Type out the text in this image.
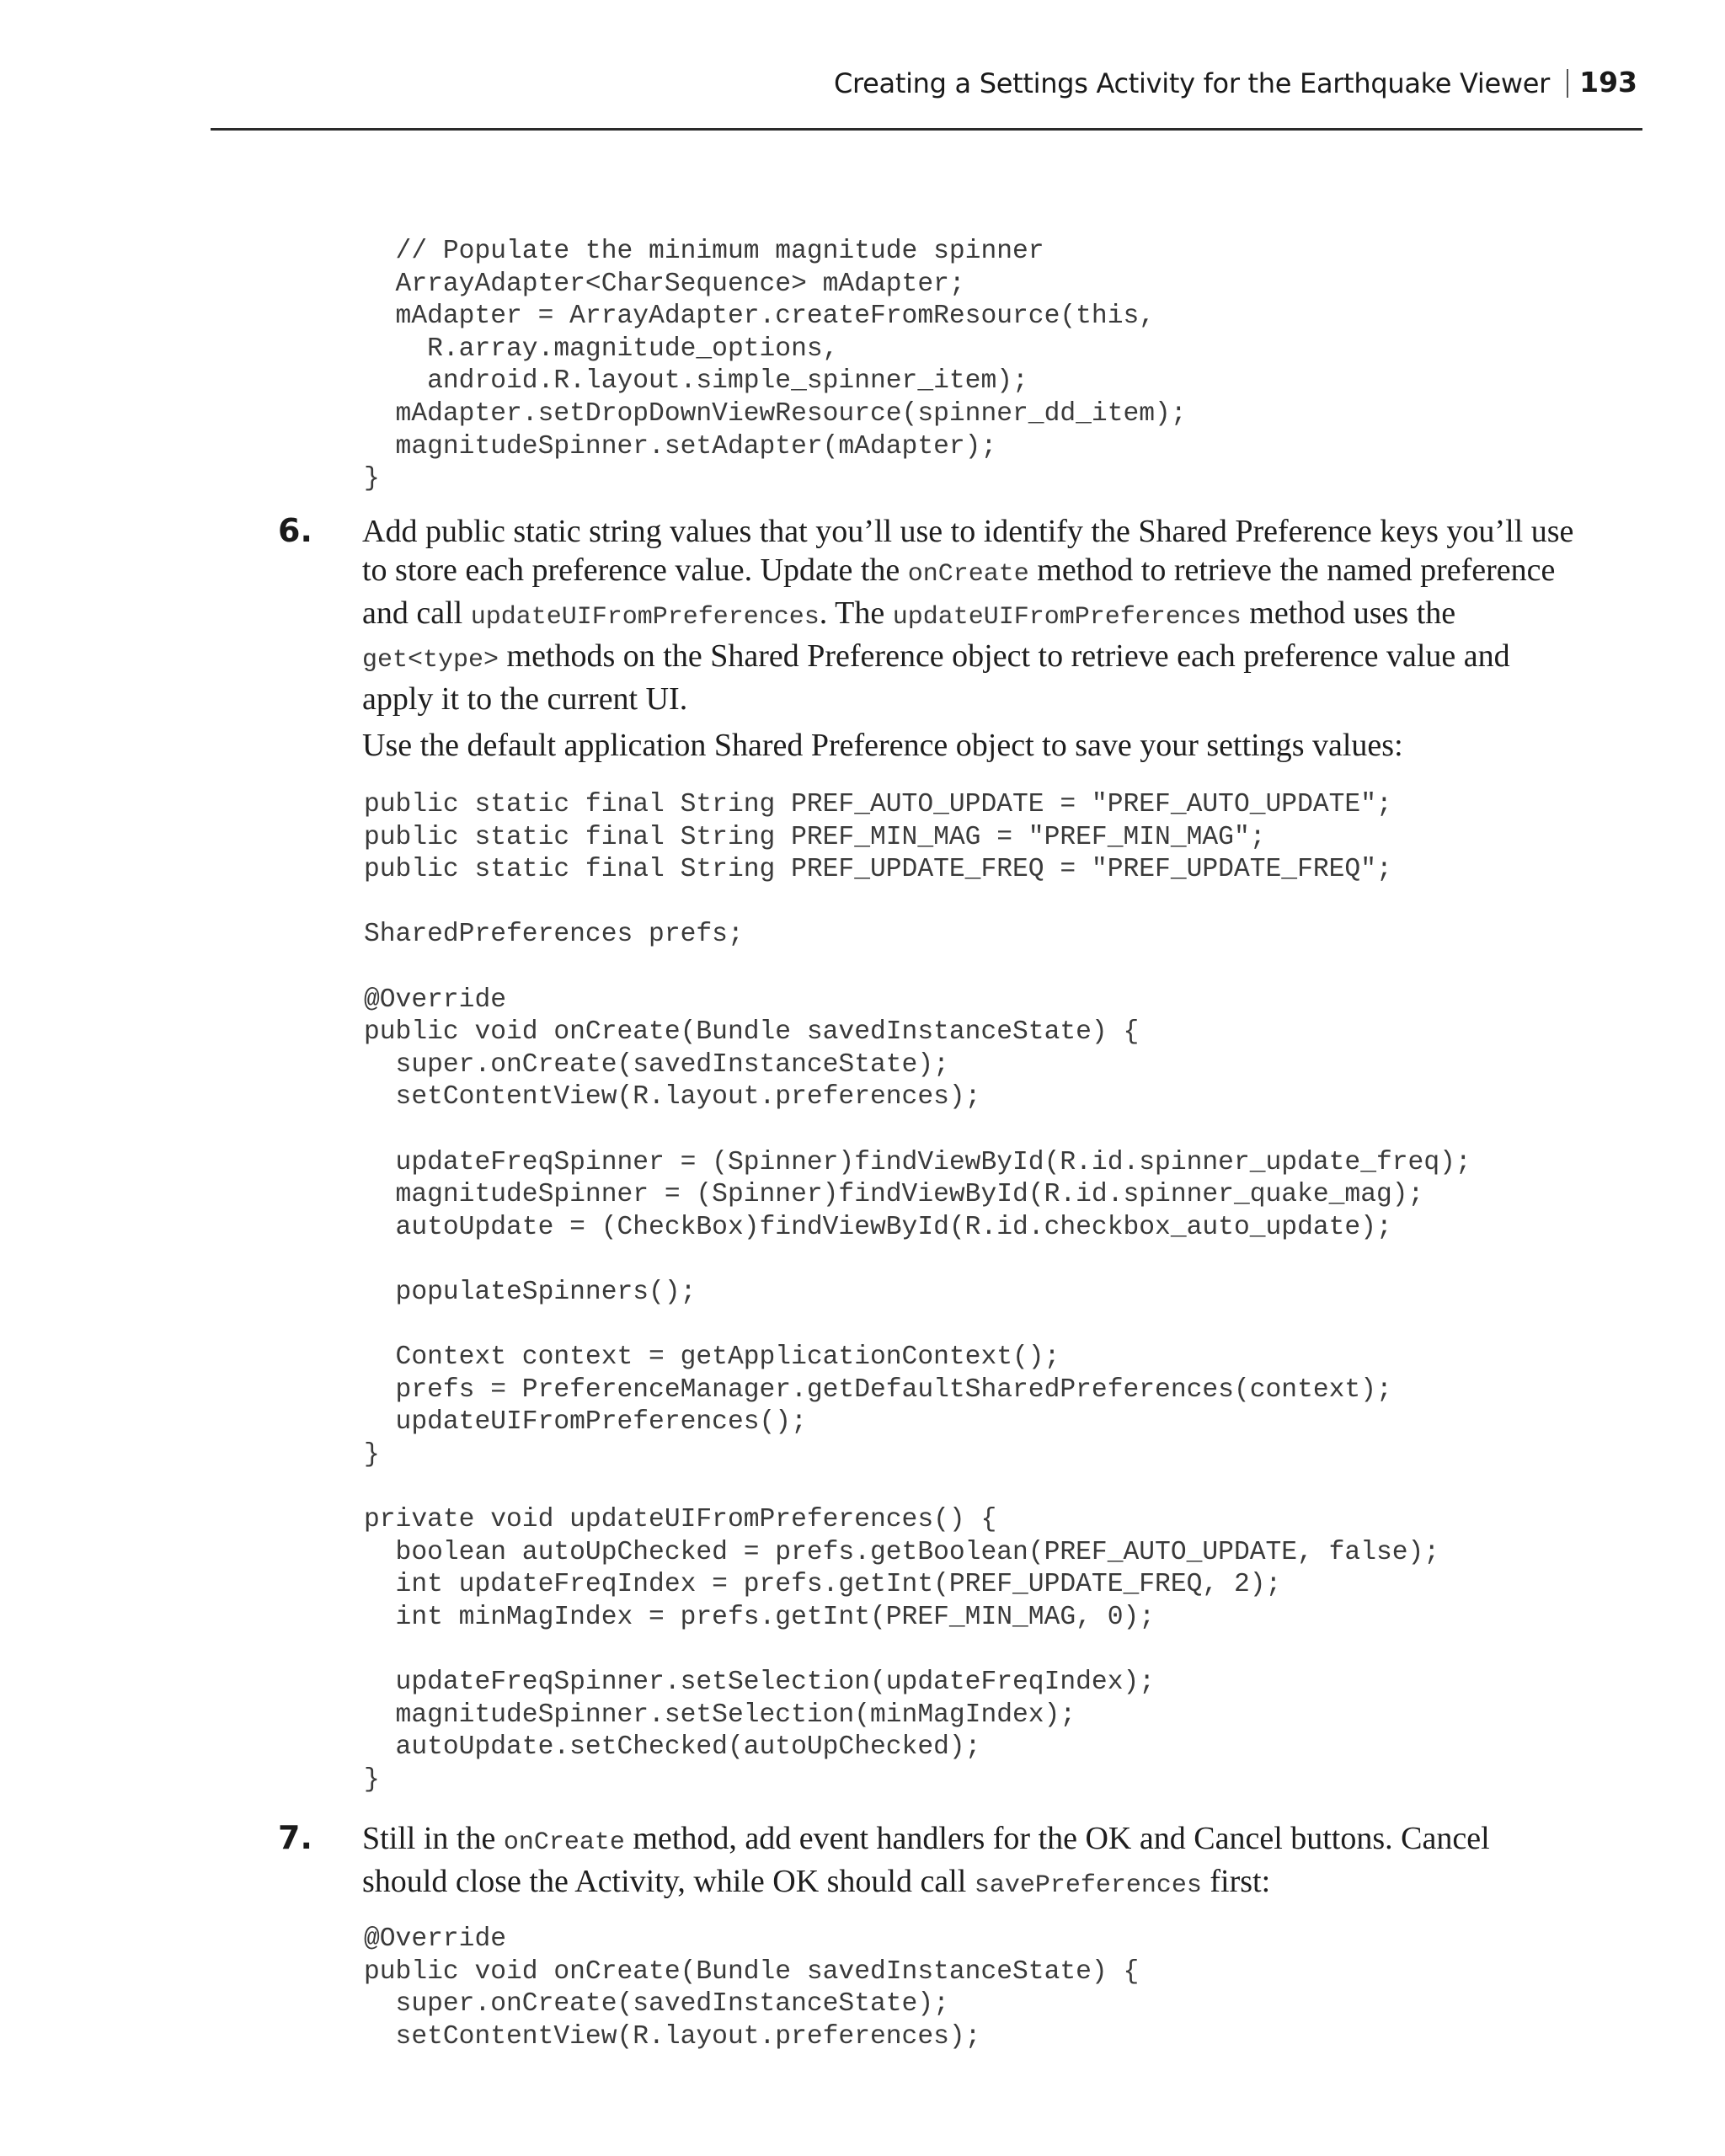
Creating a Settings Activity for the Earthquake Viewer 193
// Populate the minimum magnitude spinner
ArrayAdapter<CharSequence> mAdapter;
mAdapter = ArrayAdapter.createFromResource(this,
R.array.magnitude_options,
android.R.layout.simple_spinner_item);
mAdapter.setDropDownViewResource(spinner_dd_item);
magnitudeSpinner.setAdapter(mAdapter);
}
6. Add public static string values that you’ll use to identify the Shared Preference keys you’ll use to store each preference value. Update the onCreate method to retrieve the named preference and call updateUIFromPreferences. The updateUIFromPreferences method uses the get<type> methods on the Shared Preference object to retrieve each preference value and apply it to the current UI.

Use the default application Shared Preference object to save your settings values:

public static final String PREF_AUTO_UPDATE = "PREF_AUTO_UPDATE";
public static final String PREF_MIN_MAG = "PREF_MIN_MAG";
public static final String PREF_UPDATE_FREQ = "PREF_UPDATE_FREQ";

SharedPreferences prefs;

@Override
public void onCreate(Bundle savedInstanceState) {
super.onCreate(savedInstanceState);
setContentView(R.layout.preferences);

updateFreqSpinner = (Spinner)findViewById(R.id.spinner_update_freq);
magnitudeSpinner = (Spinner)findViewById(R.id.spinner_quake_mag);
autoUpdate = (CheckBox)findViewById(R.id.checkbox_auto_update);

populateSpinners();

Context context = getApplicationContext();
prefs = PreferenceManager.getDefaultSharedPreferences(context);
updateUIFromPreferences();
}

private void updateUIFromPreferences() {
boolean autoUpChecked = prefs.getBoolean(PREF_AUTO_UPDATE, false);
int updateFreqIndex = prefs.getInt(PREF_UPDATE_FREQ, 2);
int minMagIndex = prefs.getInt(PREF_MIN_MAG, 0);

updateFreqSpinner.setSelection(updateFreqIndex);
magnitudeSpinner.setSelection(minMagIndex);
autoUpdate.setChecked(autoUpChecked);
}
7. Still in the onCreate method, add event handlers for the OK and Cancel buttons. Cancel should close the Activity, while OK should call savePreferences first:

@Override
public void onCreate(Bundle savedInstanceState) {
super.onCreate(savedInstanceState);
setContentView(R.layout.preferences);
